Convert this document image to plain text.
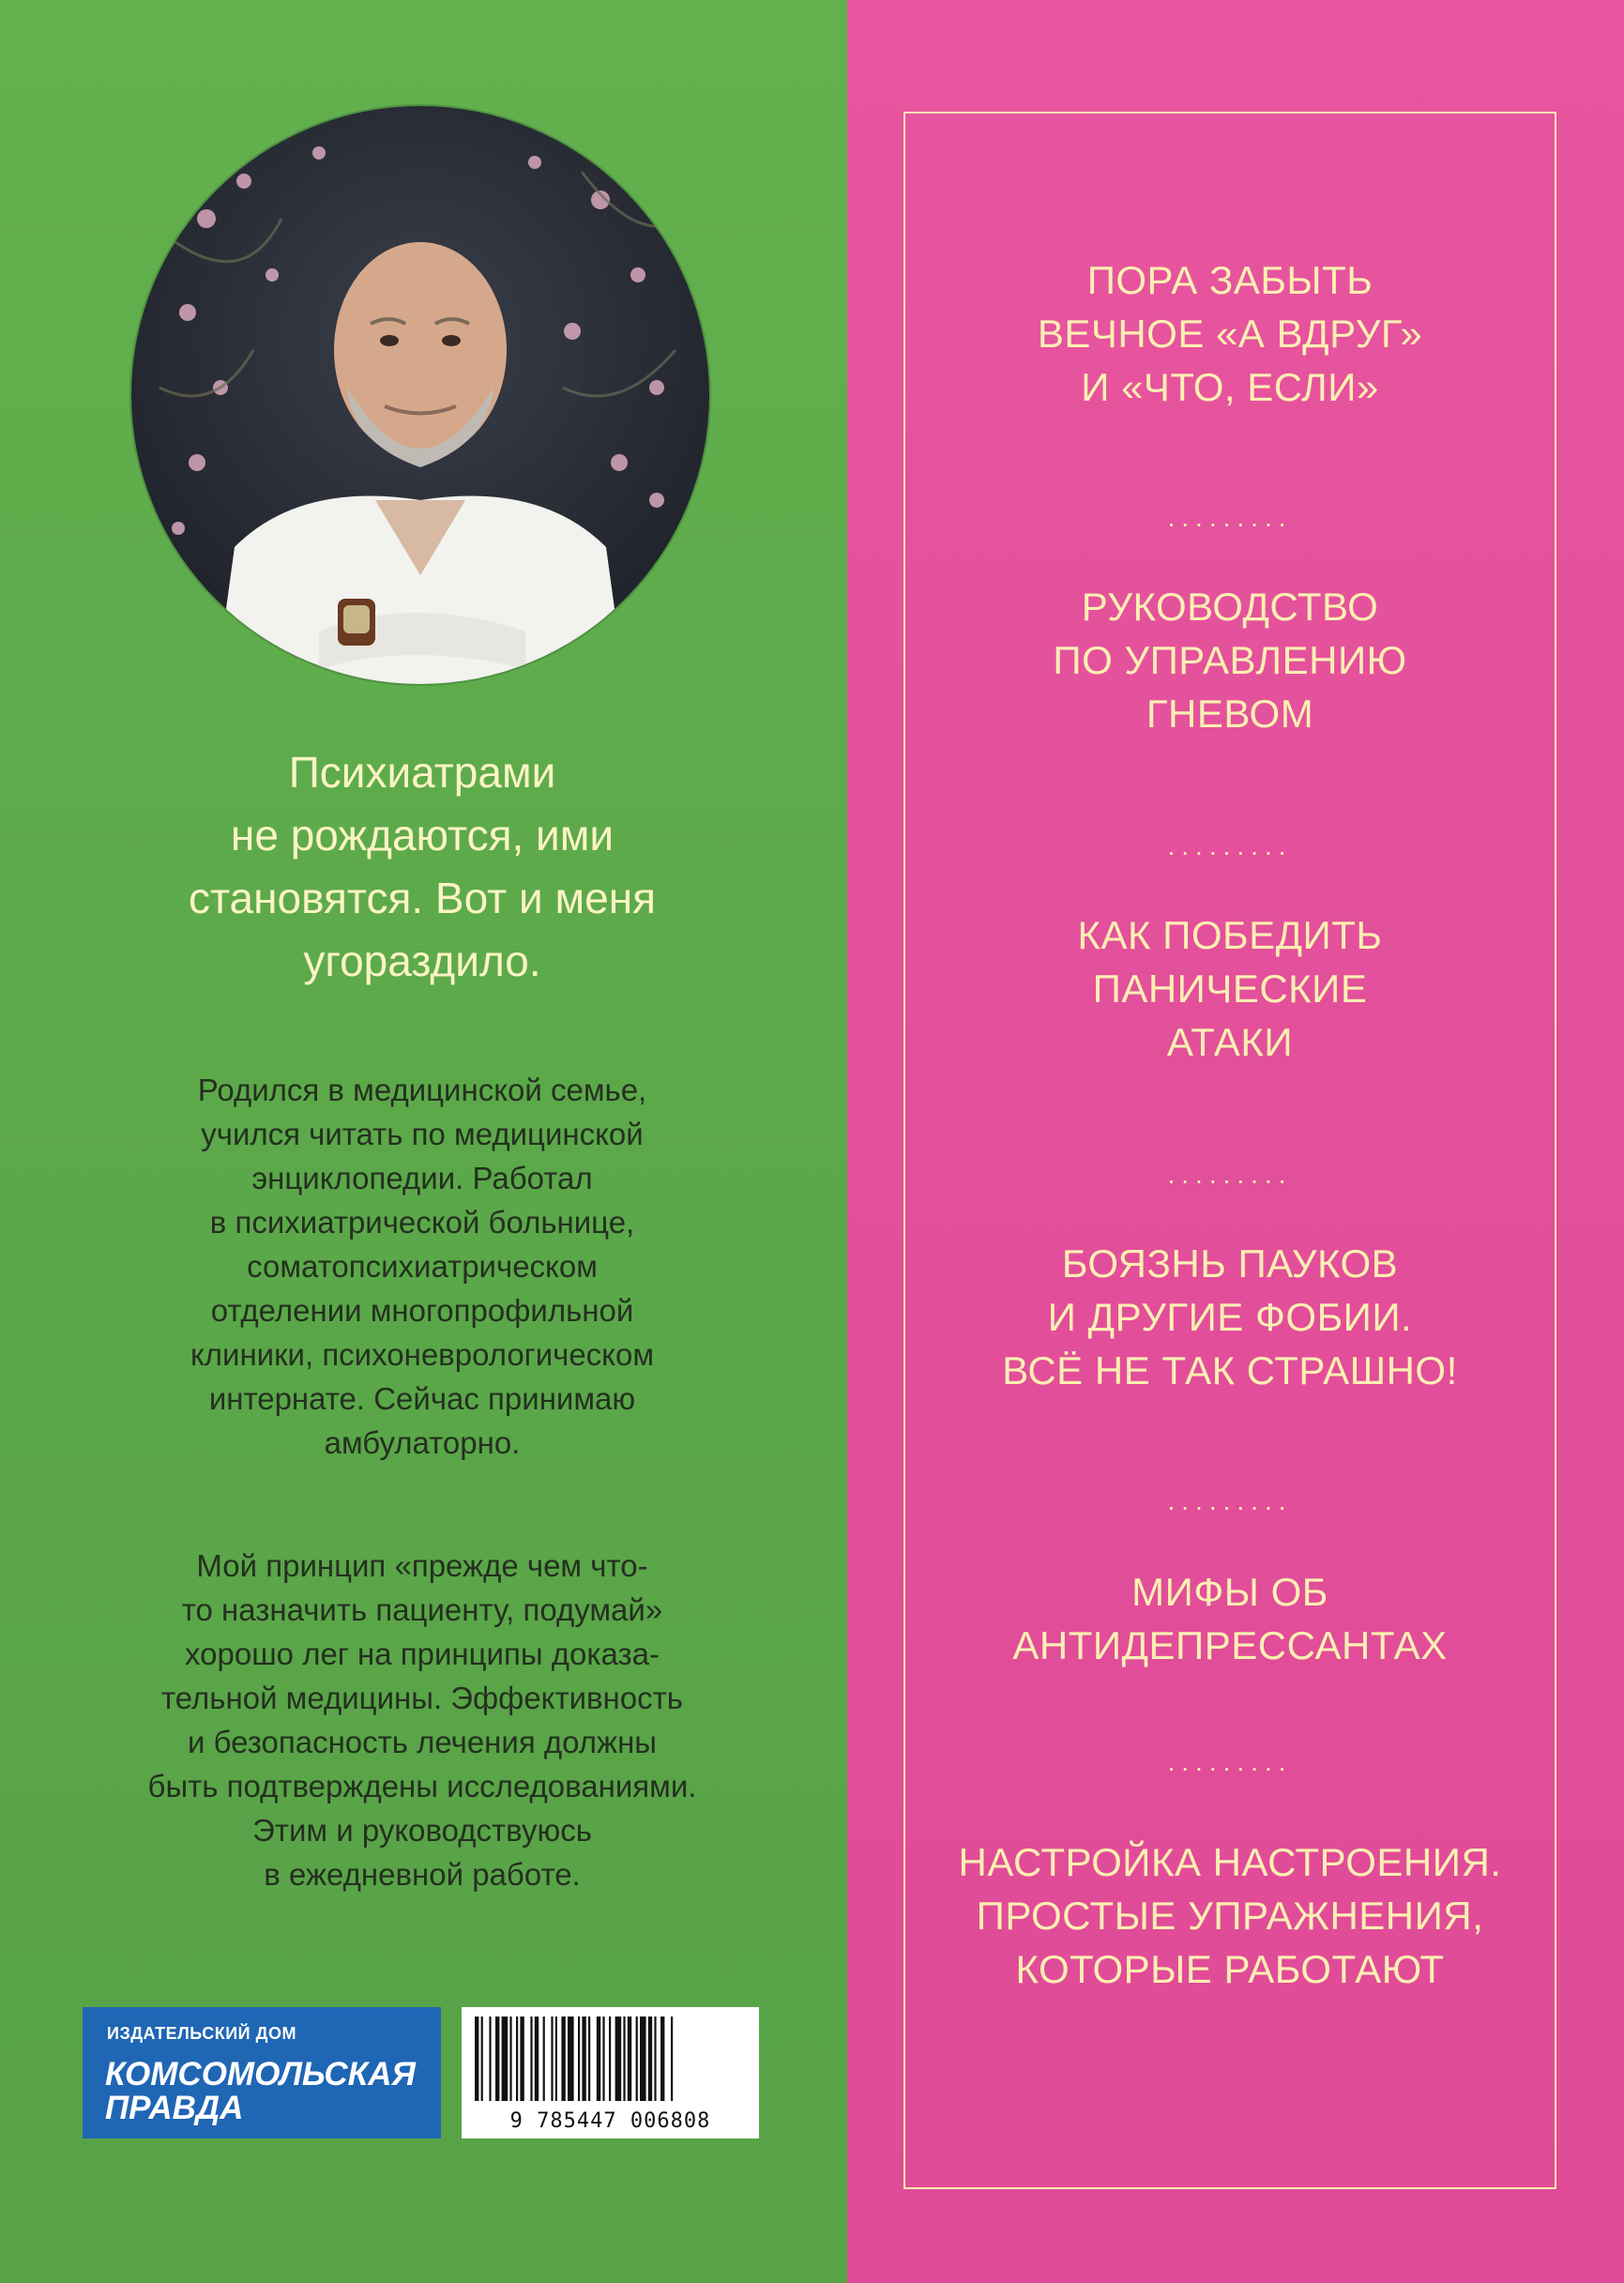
Психиатрами
не рождаются, ими
становятся. Вот и меня
угораздило.
Родился в медицинской семье,
учился читать по медицинской
энциклопедии. Работал
в психиатрической больнице,
соматопсихиатрическом
отделении многопрофильной
клиники, психоневрологическом
интернате. Сейчас принимаю
амбулаторно.
Мой принцип «прежде чем что-
то назначить пациенту, подумай»
хорошо лег на принципы доказа-
тельной медицины. Эффективность
и безопасность лечения должны
быть подтверждены исследованиями.
Этим и руководствуюсь
в ежедневной работе.
ИЗДАТЕЛЬСКИЙ ДОМ
КОМСОМОЛЬСКАЯ
ПРАВДА	9 785447 006808
ПОРА ЗАБЫТЬ
ВЕЧНОЕ «А ВДРУГ»
И «ЧТО, ЕСЛИ»
.........
РУКОВОДСТВО
ПО УПРАВЛЕНИЮ
ГНЕВОМ
.........
КАК ПОБЕДИТЬ
ПАНИЧЕСКИЕ
АТАКИ
.........
БОЯЗНЬ ПАУКОВ
И ДРУГИЕ ФОБИИ.
ВСЁ НЕ ТАК СТРАШНО!
.........
МИФЫ ОБ
АНТИДЕПРЕССАНТАХ
.........
НАСТРОЙКА НАСТРОЕНИЯ.
ПРОСТЫЕ УПРАЖНЕНИЯ,
КОТОРЫЕ РАБОТАЮТ
